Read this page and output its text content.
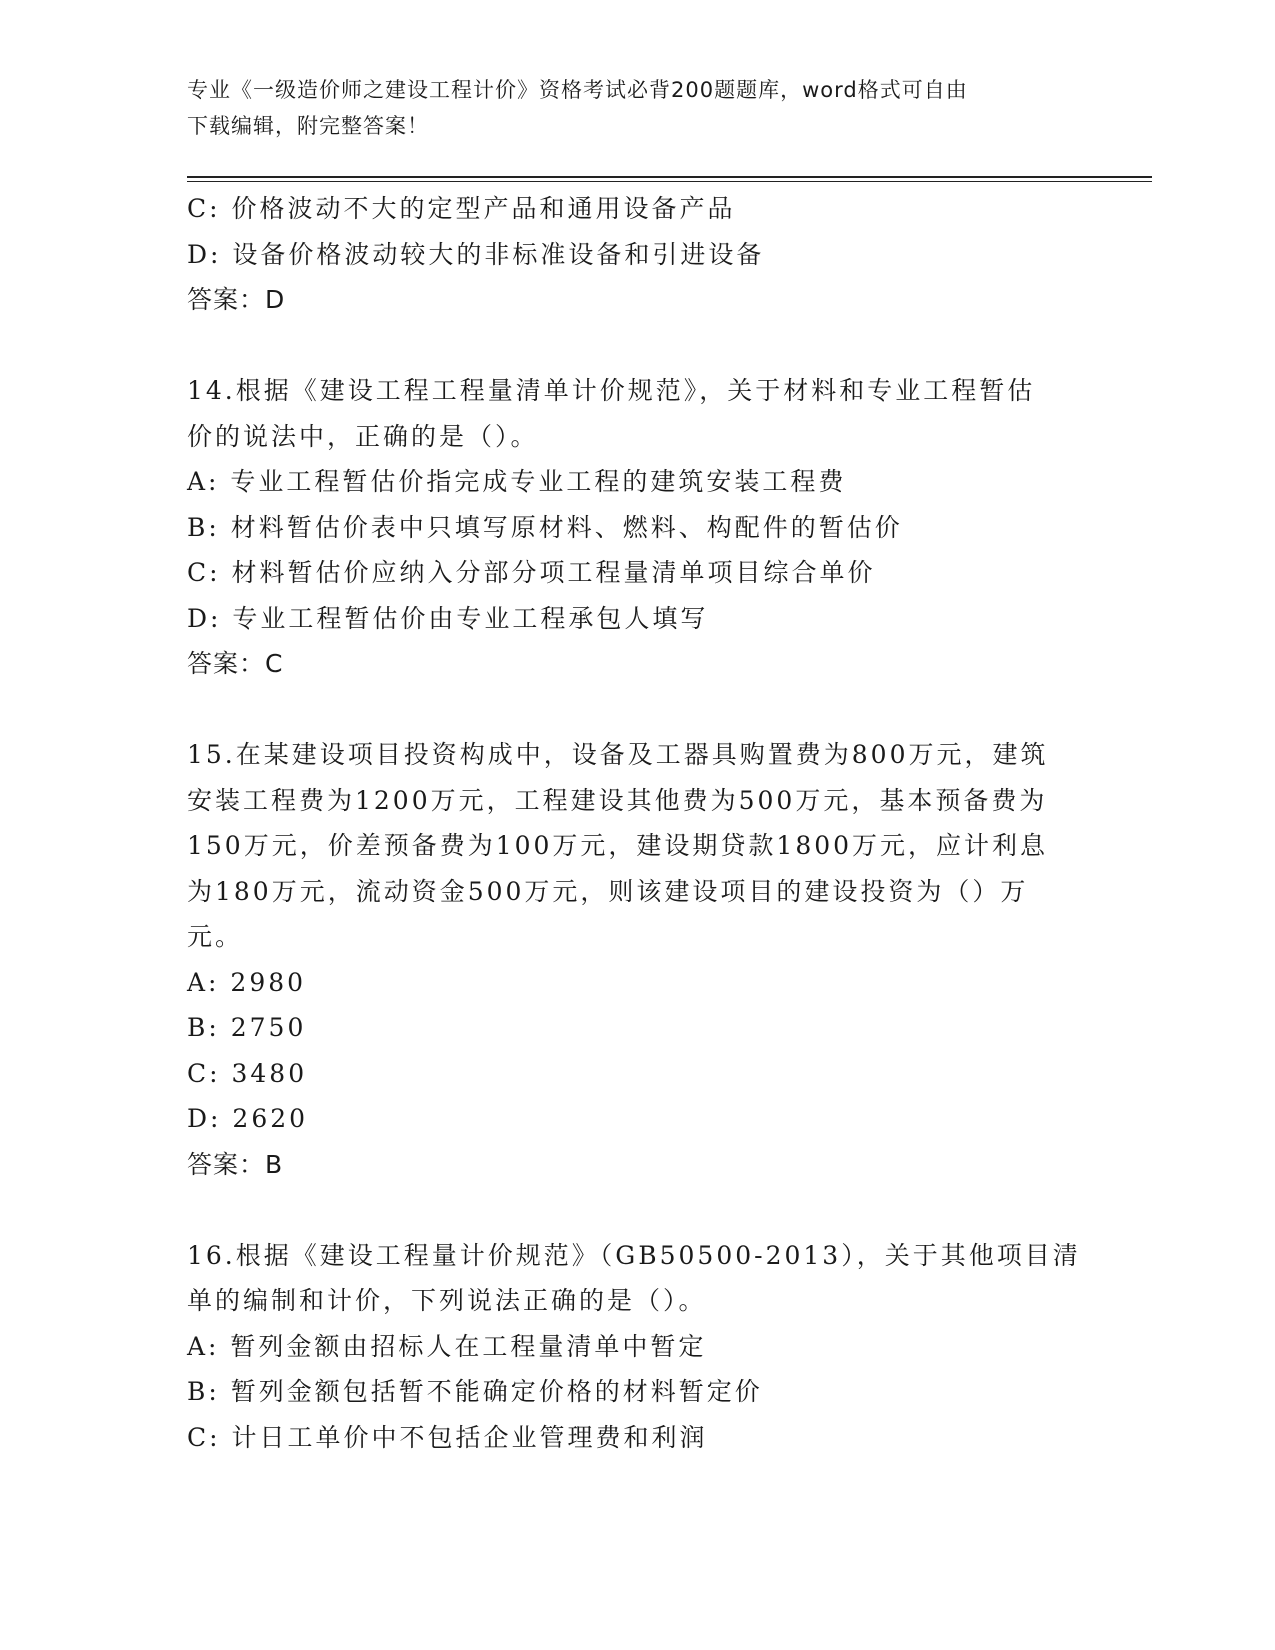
专业《一级造价师之建设工程计价》资格考试必背200题题库，word格式可自由
下载编辑，附完整答案！

C: 价格波动不大的定型产品和通用设备产品

D: 设备价格波动较大的非标准设备和引进设备

答案：D

14.根据《建设工程工程量清单计价规范》，关于材料和专业工程暂估

价的说法中，正确的是（）。

A: 专业工程暂估价指完成专业工程的建筑安装工程费

B: 材料暂估价表中只填写原材料、燃料、构配件的暂估价

C: 材料暂估价应纳入分部分项工程量清单项目综合单价

D: 专业工程暂估价由专业工程承包人填写

答案：C

15.在某建设项目投资构成中，设备及工器具购置费为800万元，建筑

安装工程费为1200万元，工程建设其他费为500万元，基本预备费为

150万元，价差预备费为100万元，建设期贷款1800万元，应计利息

为180万元，流动资金500万元，则该建设项目的建设投资为（）万

元。

A: 2980

B: 2750

C: 3480

D: 2620

答案：B

16.根据《建设工程量计价规范》（GB50500-2013），关于其他项目清

单的编制和计价，下列说法正确的是（）。

A: 暂列金额由招标人在工程量清单中暂定

B: 暂列金额包括暂不能确定价格的材料暂定价

C: 计日工单价中不包括企业管理费和利润
